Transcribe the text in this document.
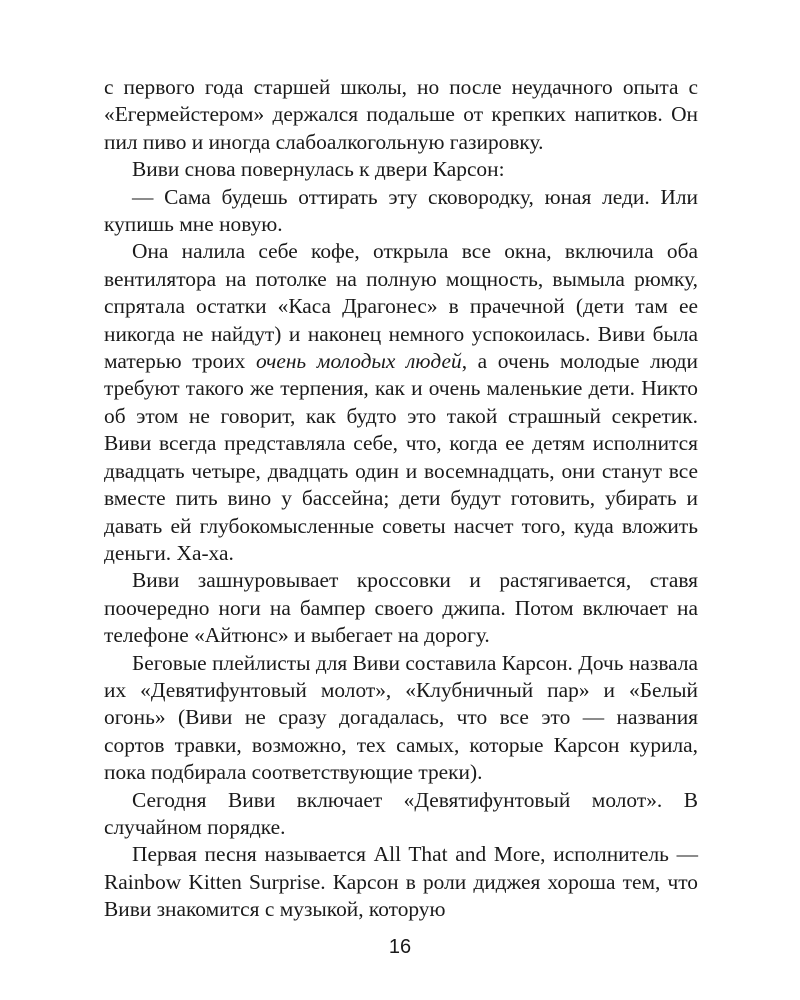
с первого года старшей школы, но после неудачного опыта с «Егермейстером» держался подальше от крепких напитков. Он пил пиво и иногда слабоалкогольную газировку.

Виви снова повернулась к двери Карсон:

— Сама будешь оттирать эту сковородку, юная леди. Или купишь мне новую.

Она налила себе кофе, открыла все окна, включила оба вентилятора на потолке на полную мощность, вымыла рюмку, спрятала остатки «Каса Драгонес» в прачечной (дети там ее никогда не найдут) и наконец немного успокоилась. Виви была матерью троих очень молодых людей, а очень молодые люди требуют такого же терпения, как и очень маленькие дети. Никто об этом не говорит, как будто это такой страшный секретик. Виви всегда представляла себе, что, когда ее детям исполнится двадцать четыре, двадцать один и восемнадцать, они станут все вместе пить вино у бассейна; дети будут готовить, убирать и давать ей глубокомысленные советы насчет того, куда вложить деньги. Ха-ха.

Виви зашнуровывает кроссовки и растягивается, ставя поочередно ноги на бампер своего джипа. Потом включает на телефоне «Айтюнс» и выбегает на дорогу.

Беговые плейлисты для Виви составила Карсон. Дочь назвала их «Девятифунтовый молот», «Клубничный пар» и «Белый огонь» (Виви не сразу догадалась, что все это — названия сортов травки, возможно, тех самых, которые Карсон курила, пока подбирала соответствующие треки).

Сегодня Виви включает «Девятифунтовый молот». В случайном порядке.

Первая песня называется All That and More, исполнитель — Rainbow Kitten Surprise. Карсон в роли диджея хороша тем, что Виви знакомится с музыкой, которую

16
